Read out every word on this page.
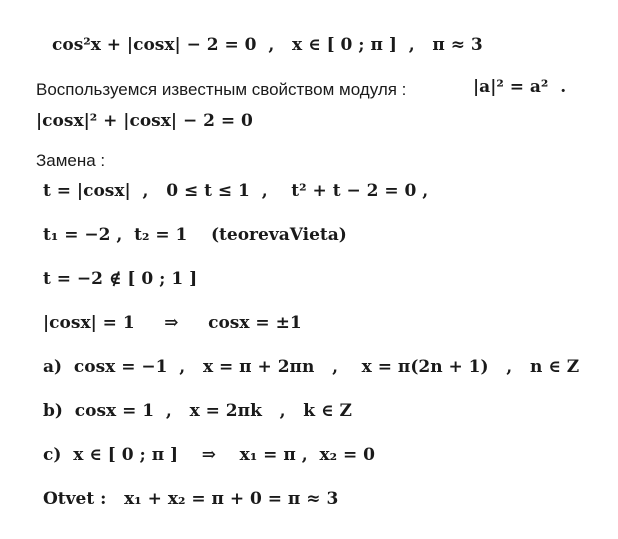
cos²x + |cosx| − 2 = 0  ,   x ∈ [ 0 ; π ]  ,   π ≈ 3
Воспользуемся известным свойством модуля :	|a|² = a²  .
|cosx|² + |cosx| − 2 = 0
Замена :
t = |cosx|  ,   0 ≤ t ≤ 1  ,    t² + t − 2 = 0 ,
t₁ = −2 ,  t₂ = 1    (teorevaVieta)
t = −2 ∉ [ 0 ; 1 ]
|cosx| = 1     ⇒     cosx = ±1
a)  cosx = −1  ,   x = π + 2πn   ,    x = π(2n + 1)   ,   n ∈ Z
b)  cosx = 1  ,   x = 2πk   ,   k ∈ Z
c)  x ∈ [ 0 ; π ]    ⇒    x₁ = π ,  x₂ = 0
Otvet :   x₁ + x₂ = π + 0 = π ≈ 3
